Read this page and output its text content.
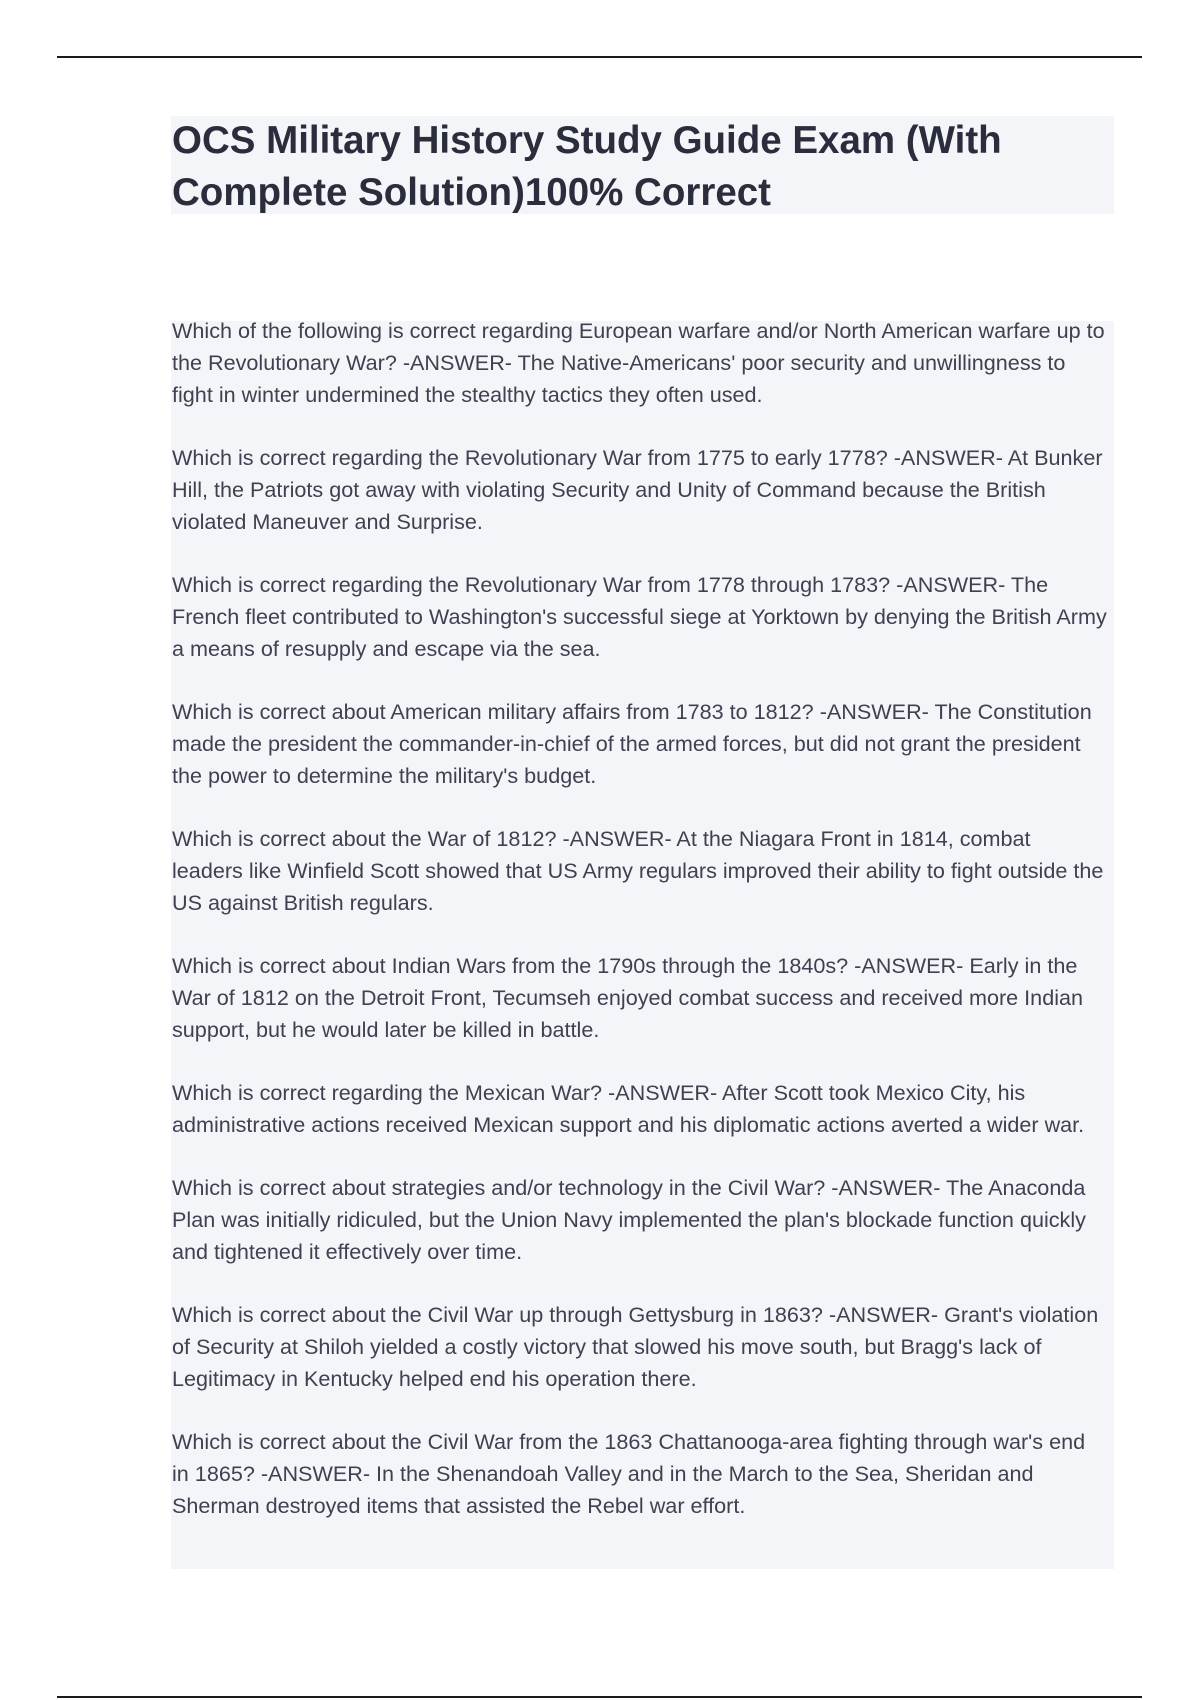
OCS Military History Study Guide Exam (With Complete Solution)100% Correct

Which of the following is correct regarding European warfare and/or North American warfare up to the Revolutionary War? -ANSWER- The Native-Americans' poor security and unwillingness to fight in winter undermined the stealthy tactics they often used.

Which is correct regarding the Revolutionary War from 1775 to early 1778? -ANSWER- At Bunker Hill, the Patriots got away with violating Security and Unity of Command because the British violated Maneuver and Surprise.

Which is correct regarding the Revolutionary War from 1778 through 1783? -ANSWER- The French fleet contributed to Washington's successful siege at Yorktown by denying the British Army a means of resupply and escape via the sea.

Which is correct about American military affairs from 1783 to 1812? -ANSWER- The Constitution made the president the commander-in-chief of the armed forces, but did not grant the president the power to determine the military's budget.

Which is correct about the War of 1812? -ANSWER- At the Niagara Front in 1814, combat leaders like Winfield Scott showed that US Army regulars improved their ability to fight outside the US against British regulars.

Which is correct about Indian Wars from the 1790s through the 1840s? -ANSWER- Early in the War of 1812 on the Detroit Front, Tecumseh enjoyed combat success and received more Indian support, but he would later be killed in battle.

Which is correct regarding the Mexican War? -ANSWER- After Scott took Mexico City, his administrative actions received Mexican support and his diplomatic actions averted a wider war.

Which is correct about strategies and/or technology in the Civil War? -ANSWER- The Anaconda Plan was initially ridiculed, but the Union Navy implemented the plan's blockade function quickly and tightened it effectively over time.

Which is correct about the Civil War up through Gettysburg in 1863? -ANSWER- Grant's violation of Security at Shiloh yielded a costly victory that slowed his move south, but Bragg's lack of Legitimacy in Kentucky helped end his operation there.

Which is correct about the Civil War from the 1863 Chattanooga-area fighting through war's end in 1865? -ANSWER- In the Shenandoah Valley and in the March to the Sea, Sheridan and Sherman destroyed items that assisted the Rebel war effort.
